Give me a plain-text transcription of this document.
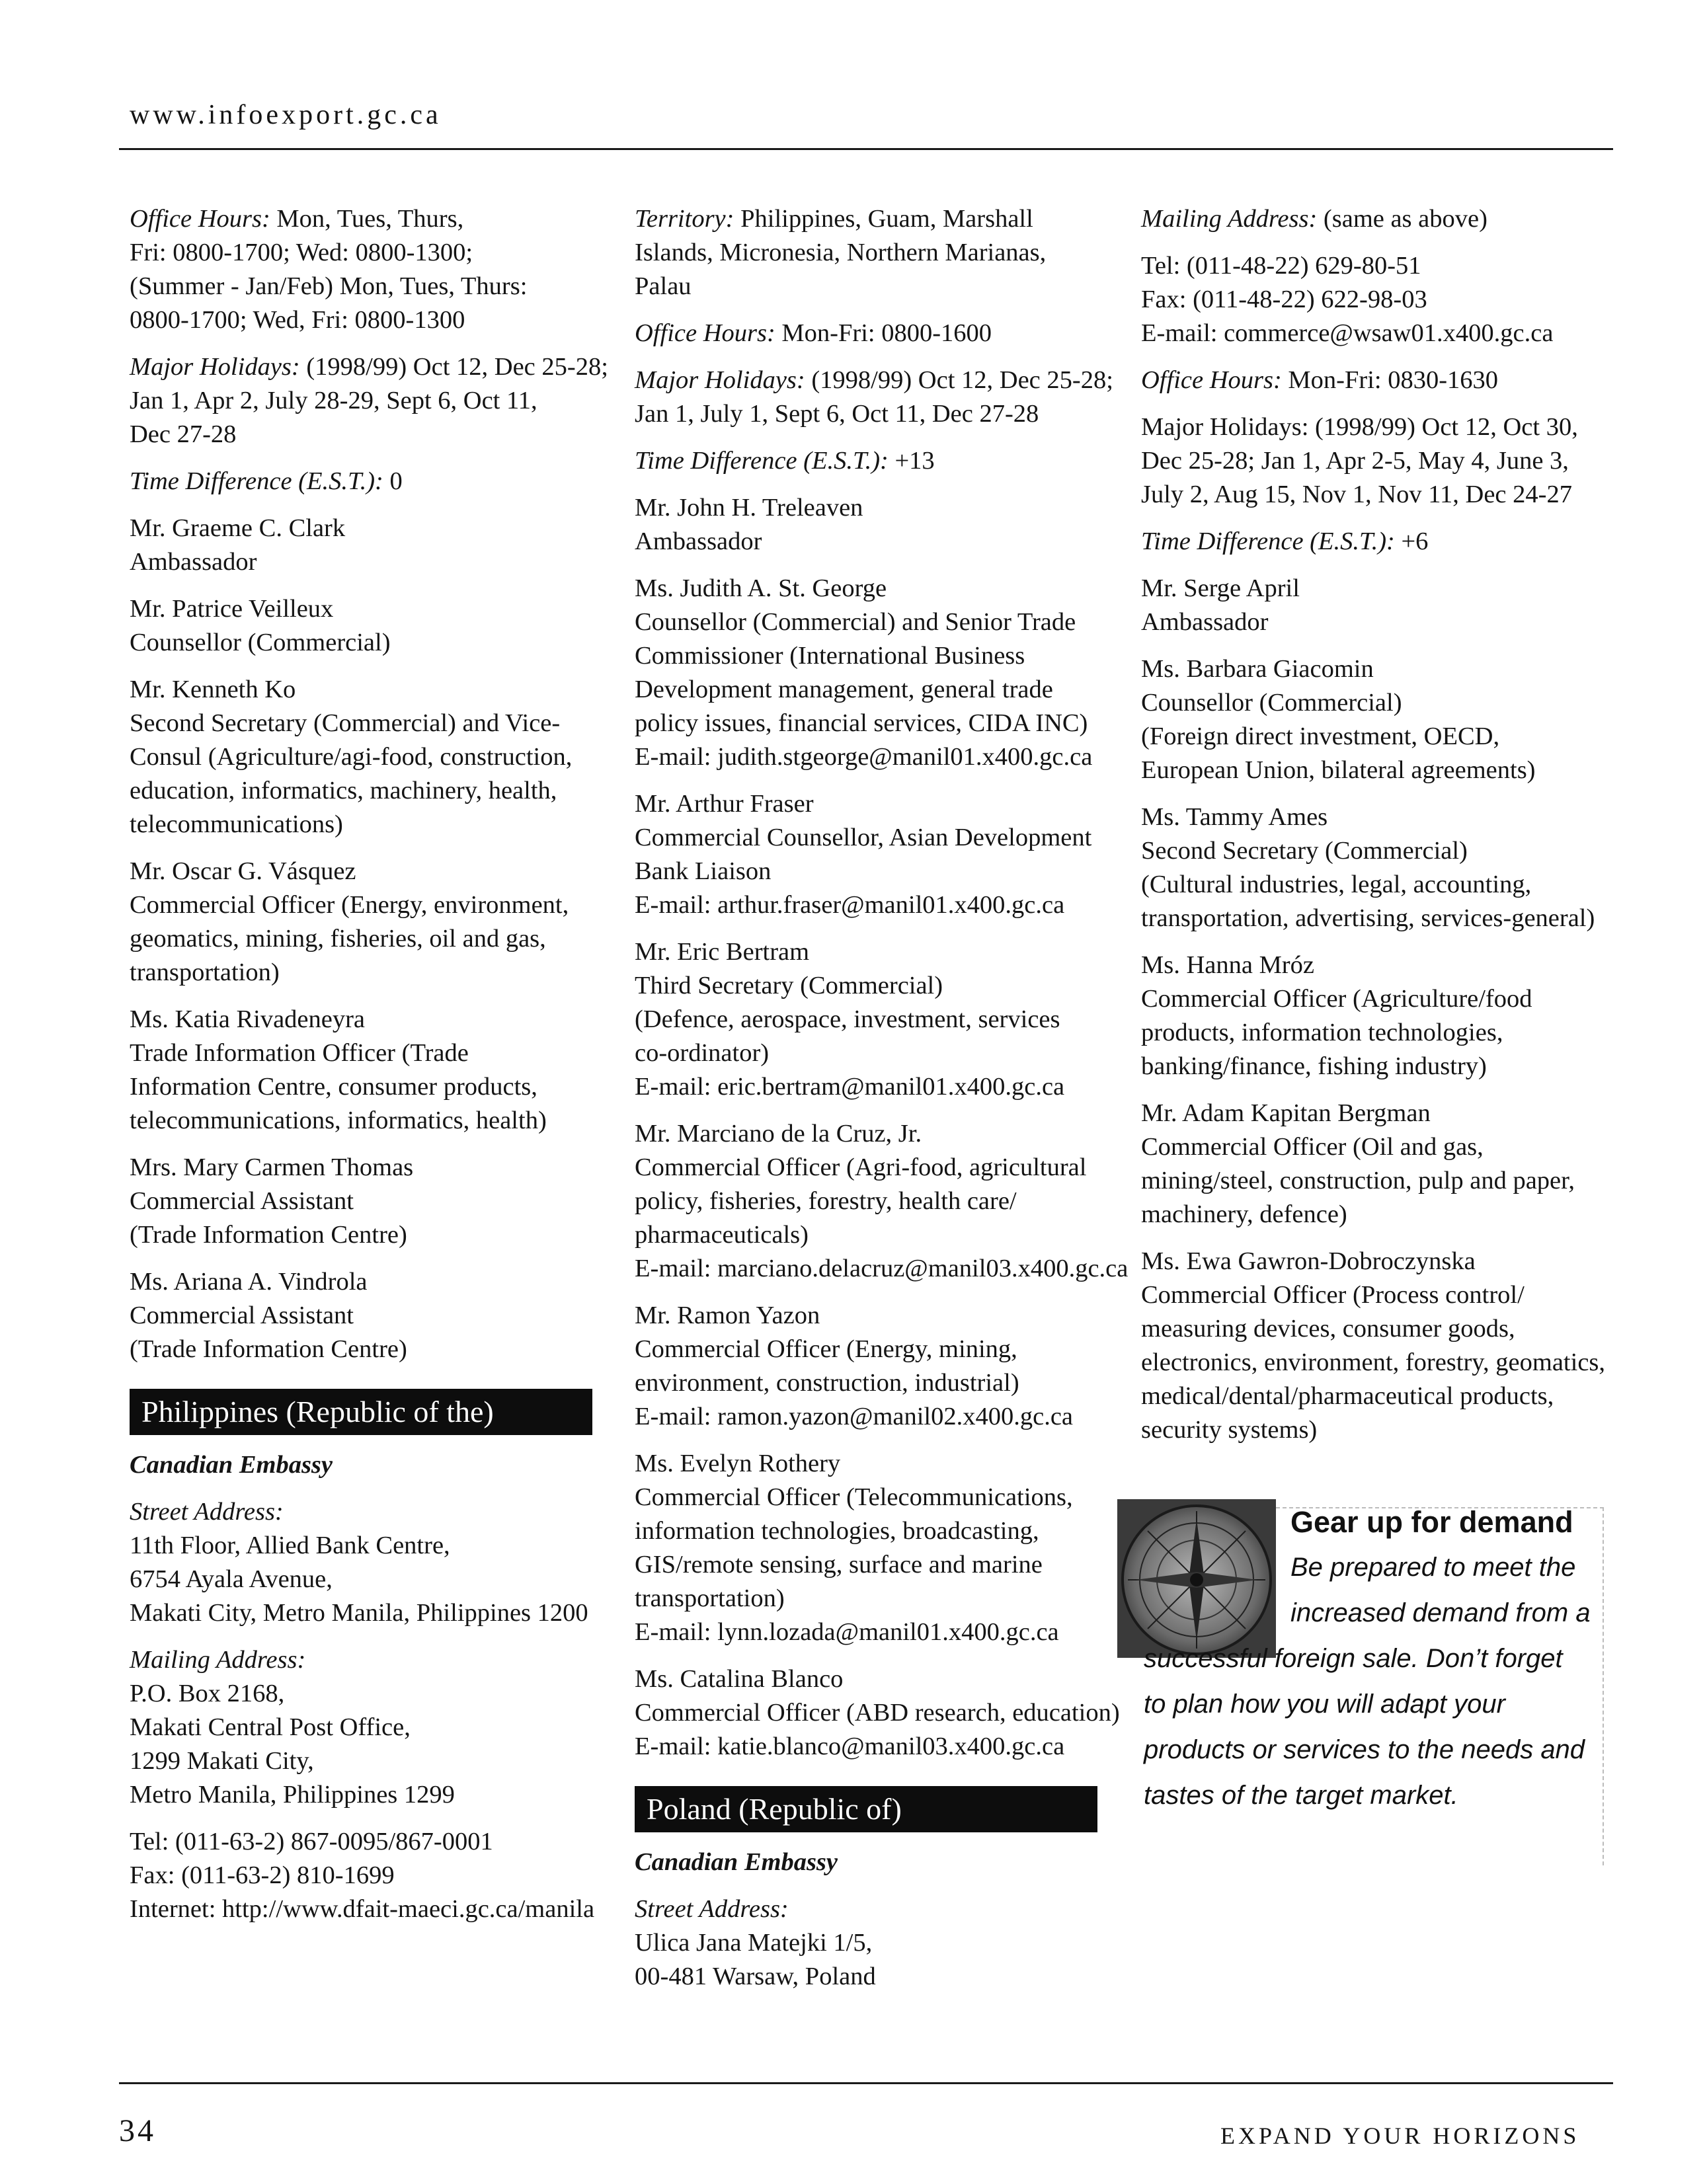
www.infoexport.gc.ca
Office Hours: Mon, Tues, Thurs,
Fri: 0800-1700; Wed: 0800-1300;
(Summer - Jan/Feb) Mon, Tues, Thurs:
0800-1700; Wed, Fri: 0800-1300
Major Holidays: (1998/99) Oct 12, Dec 25-28;
Jan 1, Apr 2, July 28-29, Sept 6, Oct 11,
Dec 27-28
Time Difference (E.S.T.): 0
Mr. Graeme C. Clark
Ambassador
Mr. Patrice Veilleux
Counsellor (Commercial)
Mr. Kenneth Ko
Second Secretary (Commercial) and Vice-
Consul (Agriculture/agi-food, construction,
education, informatics, machinery, health,
telecommunications)
Mr. Oscar G. Vásquez
Commercial Officer (Energy, environment,
geomatics, mining, fisheries, oil and gas,
transportation)
Ms. Katia Rivadeneyra
Trade Information Officer (Trade
Information Centre, consumer products,
telecommunications, informatics, health)
Mrs. Mary Carmen Thomas
Commercial Assistant
(Trade Information Centre)
Ms. Ariana A. Vindrola
Commercial Assistant
(Trade Information Centre)
Philippines (Republic of the)
Canadian Embassy
Street Address:
11th Floor, Allied Bank Centre,
6754 Ayala Avenue,
Makati City, Metro Manila, Philippines 1200
Mailing Address:
P.O. Box 2168,
Makati Central Post Office,
1299 Makati City,
Metro Manila, Philippines 1299
Tel: (011-63-2) 867-0095/867-0001
Fax: (011-63-2) 810-1699
Internet: http://www.dfait-maeci.gc.ca/manila
Territory: Philippines, Guam, Marshall
Islands, Micronesia, Northern Marianas,
Palau
Office Hours: Mon-Fri: 0800-1600
Major Holidays: (1998/99) Oct 12, Dec 25-28;
Jan 1, July 1, Sept 6, Oct 11, Dec 27-28
Time Difference (E.S.T.): +13
Mr. John H. Treleaven
Ambassador
Ms. Judith A. St. George
Counsellor (Commercial) and Senior Trade
Commissioner (International Business
Development management, general trade
policy issues, financial services, CIDA INC)
E-mail: judith.stgeorge@manil01.x400.gc.ca
Mr. Arthur Fraser
Commercial Counsellor, Asian Development
Bank Liaison
E-mail: arthur.fraser@manil01.x400.gc.ca
Mr. Eric Bertram
Third Secretary (Commercial)
(Defence, aerospace, investment, services
co-ordinator)
E-mail: eric.bertram@manil01.x400.gc.ca
Mr. Marciano de la Cruz, Jr.
Commercial Officer (Agri-food, agricultural
policy, fisheries, forestry, health care/
pharmaceuticals)
E-mail: marciano.delacruz@manil03.x400.gc.ca
Mr. Ramon Yazon
Commercial Officer (Energy, mining,
environment, construction, industrial)
E-mail: ramon.yazon@manil02.x400.gc.ca
Ms. Evelyn Rothery
Commercial Officer (Telecommunications,
information technologies, broadcasting,
GIS/remote sensing, surface and marine
transportation)
E-mail: lynn.lozada@manil01.x400.gc.ca
Ms. Catalina Blanco
Commercial Officer (ABD research, education)
E-mail: katie.blanco@manil03.x400.gc.ca
Poland (Republic of)
Canadian Embassy
Street Address:
Ulica Jana Matejki 1/5,
00-481 Warsaw, Poland
Mailing Address: (same as above)
Tel: (011-48-22) 629-80-51
Fax: (011-48-22) 622-98-03
E-mail: commerce@wsaw01.x400.gc.ca
Office Hours: Mon-Fri: 0830-1630
Major Holidays: (1998/99) Oct 12, Oct 30,
Dec 25-28; Jan 1, Apr 2-5, May 4, June 3,
July 2, Aug 15, Nov 1, Nov 11, Dec 24-27
Time Difference (E.S.T.): +6
Mr. Serge April
Ambassador
Ms. Barbara Giacomin
Counsellor (Commercial)
(Foreign direct investment, OECD,
European Union, bilateral agreements)
Ms. Tammy Ames
Second Secretary (Commercial)
(Cultural industries, legal, accounting,
transportation, advertising, services-general)
Ms. Hanna Mróz
Commercial Officer (Agriculture/food
products, information technologies,
banking/finance, fishing industry)
Mr. Adam Kapitan Bergman
Commercial Officer (Oil and gas,
mining/steel, construction, pulp and paper,
machinery, defence)
Ms. Ewa Gawron-Dobroczynska
Commercial Officer (Process control/
measuring devices, consumer goods,
electronics, environment, forestry, geomatics,
medical/dental/pharmaceutical products,
security systems)
Gear up for demand
Be prepared to meet the
increased demand from a
successful foreign sale. Don’t forget
to plan how you will adapt your
products or services to the needs and
tastes of the target market.
34	EXPAND YOUR HORIZONS
